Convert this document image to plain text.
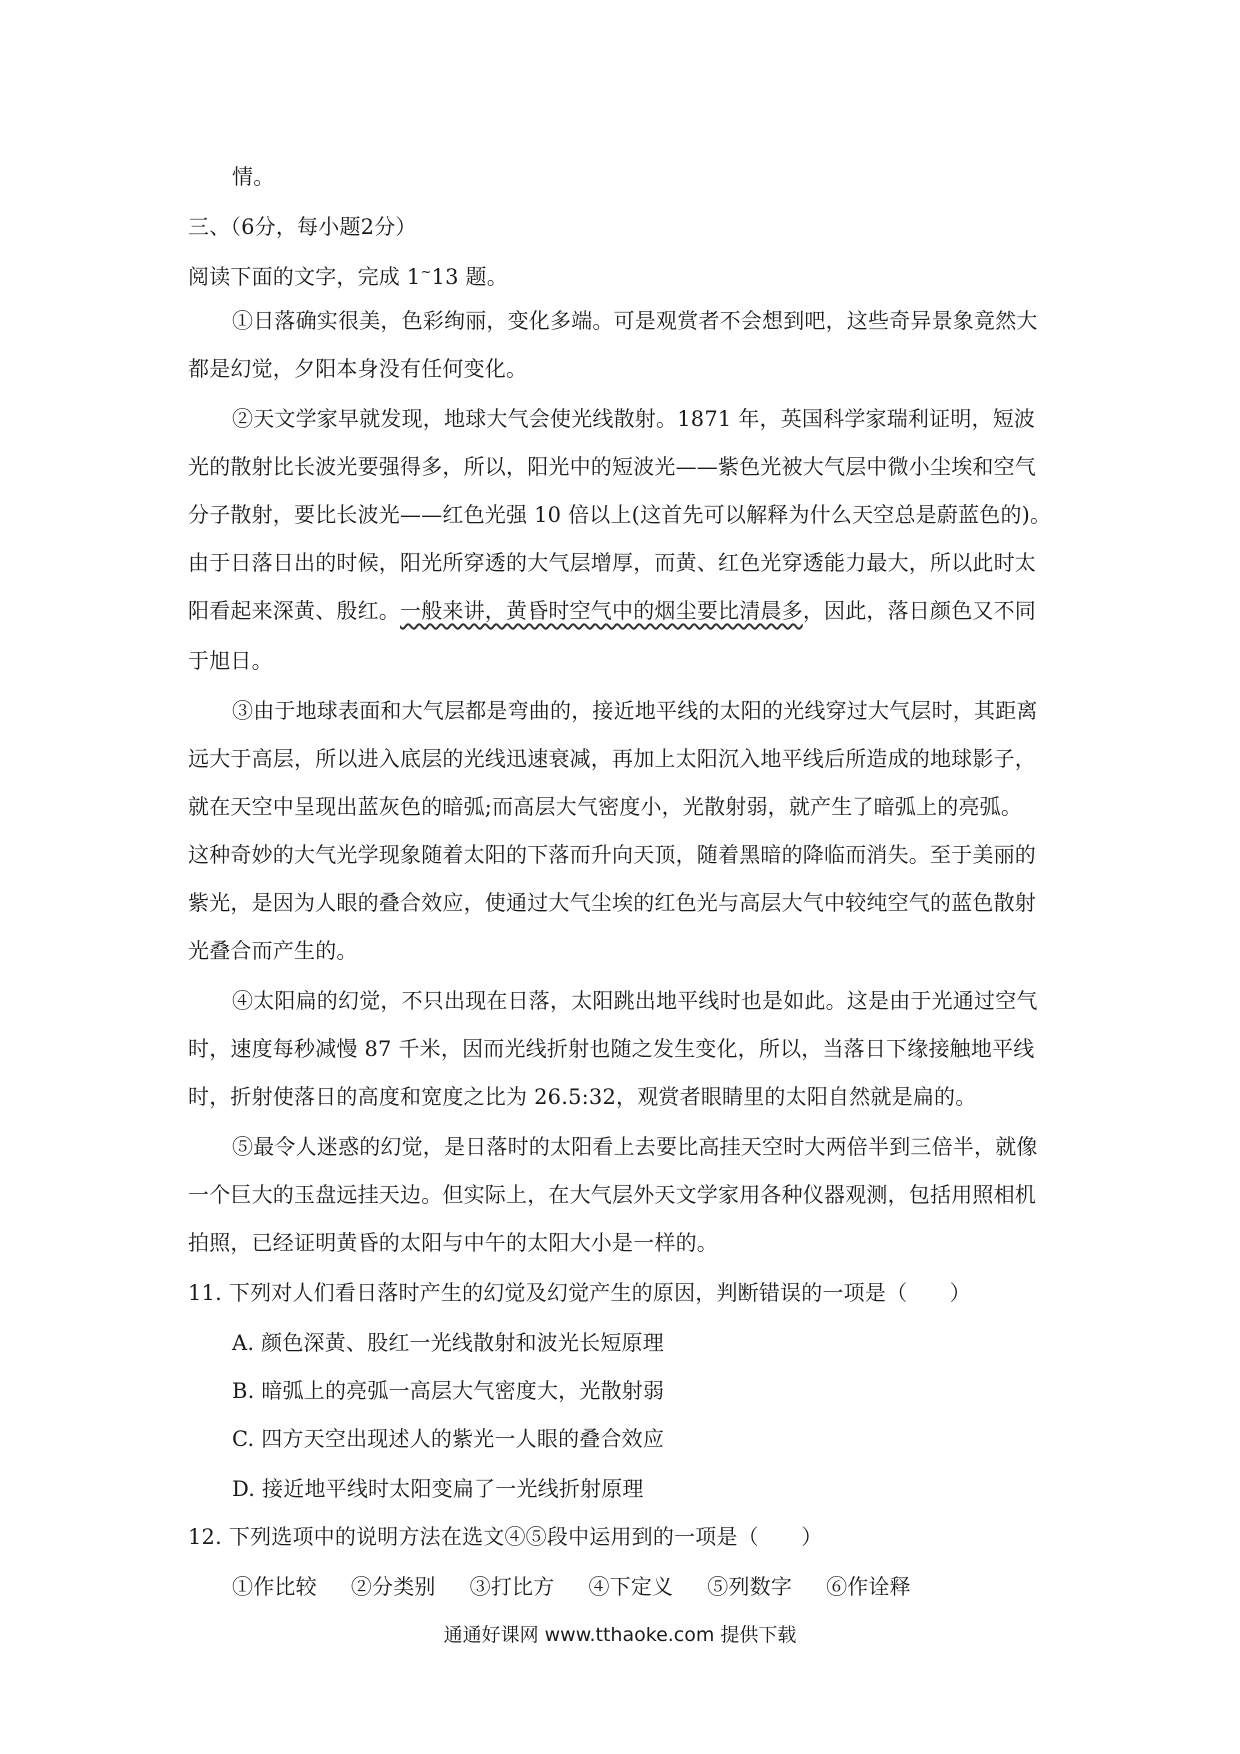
情。
三、（6分，每小题2分）
阅读下面的文字，完成 1~13 题。
①日落确实很美，色彩绚丽，变化多端。可是观赏者不会想到吧，这些奇异景象竟然大
都是幻觉，夕阳本身没有任何变化。
②天文学家早就发现，地球大气会使光线散射。1871 年，英国科学家瑞利证明，短波
光的散射比长波光要强得多，所以，阳光中的短波光——紫色光被大气层中微小尘埃和空气
分子散射，要比长波光——红色光强 10 倍以上(这首先可以解释为什么天空总是蔚蓝色的)。
由于日落日出的时候，阳光所穿透的大气层增厚，而黄、红色光穿透能力最大，所以此时太
阳看起来深黄、殷红。一般来讲，黄昏时空气中的烟尘要比清晨多，因此，落日颜色又不同
于旭日。
③由于地球表面和大气层都是弯曲的，接近地平线的太阳的光线穿过大气层时，其距离
远大于高层，所以进入底层的光线迅速衰减，再加上太阳沉入地平线后所造成的地球影子，
就在天空中呈现出蓝灰色的暗弧;而高层大气密度小，光散射弱，就产生了暗弧上的亮弧。
这种奇妙的大气光学现象随着太阳的下落而升向天顶，随着黑暗的降临而消失。至于美丽的
紫光，是因为人眼的叠合效应，使通过大气尘埃的红色光与高层大气中较纯空气的蓝色散射
光叠合而产生的。
④太阳扁的幻觉，不只出现在日落，太阳跳出地平线时也是如此。这是由于光通过空气
时，速度每秒减慢 87 千米，因而光线折射也随之发生变化，所以，当落日下缘接触地平线
时，折射使落日的高度和宽度之比为 26.5:32，观赏者眼睛里的太阳自然就是扁的。
⑤最令人迷惑的幻觉，是日落时的太阳看上去要比高挂天空时大两倍半到三倍半，就像
一个巨大的玉盘远挂天边。但实际上，在大气层外天文学家用各种仪器观测，包括用照相机
拍照，已经证明黄昏的太阳与中午的太阳大小是一样的。
11. 下列对人们看日落时产生的幻觉及幻觉产生的原因，判断错误的一项是（　　）
A. 颜色深黄、股红一光线散射和波光长短原理
B. 暗弧上的亮弧一高层大气密度大，光散射弱
C. 四方天空出现述人的紫光一人眼的叠合效应
D. 接近地平线时太阳变扁了一光线折射原理
12. 下列选项中的说明方法在选文④⑤段中运用到的一项是（　　）
①作比较 ②分类别 ③打比方 ④下定义 ⑤列数字 ⑥作诠释
通通好课网 www.tthaoke.com 提供下载
